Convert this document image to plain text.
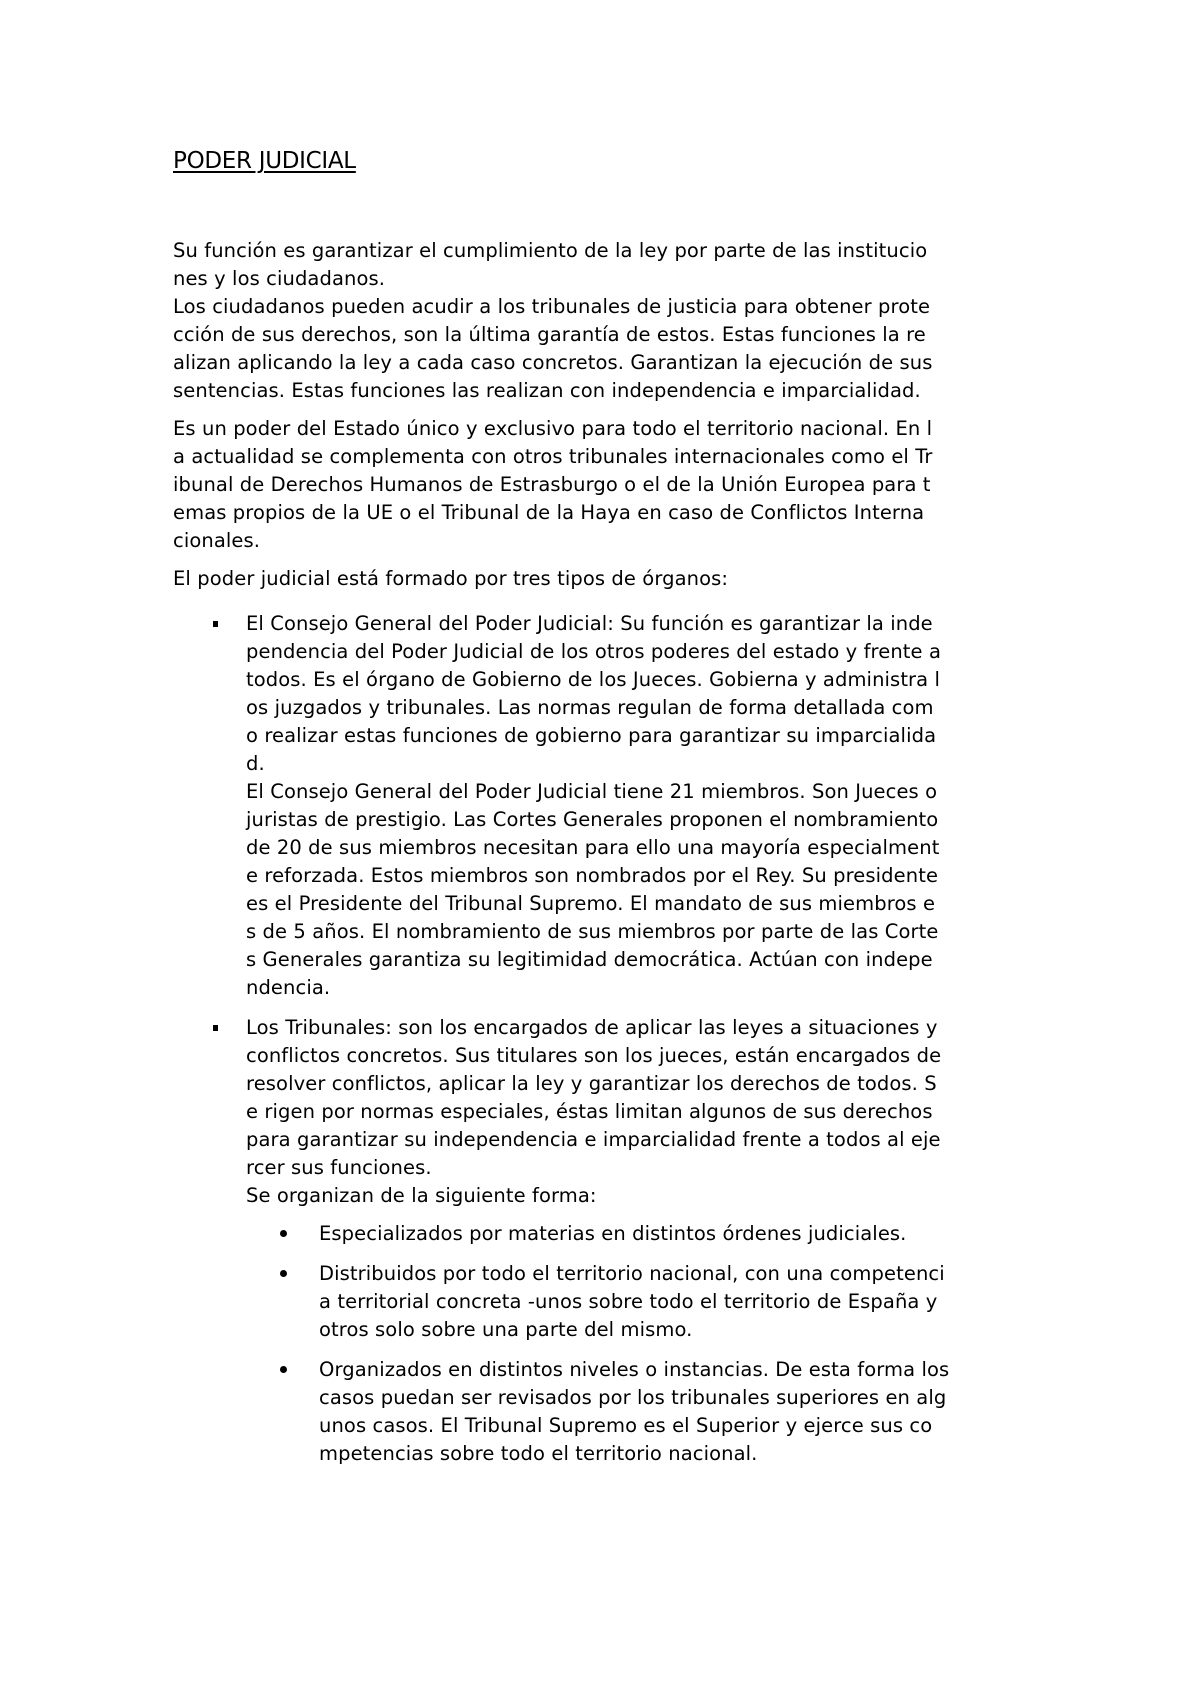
PODER JUDICIAL

Su función es garantizar el cumplimiento de la ley por parte de las institucio
nes y los ciudadanos.
Los ciudadanos pueden acudir a los tribunales de justicia para obtener prote
cción de sus derechos, son la última garantía de estos. Estas funciones la re
alizan aplicando la ley a cada caso concretos. Garantizan la ejecución de sus
sentencias. Estas funciones las realizan con independencia e imparcialidad.

Es un poder del Estado único y exclusivo para todo el territorio nacional. En l
a actualidad se complementa con otros tribunales internacionales como el Tr
ibunal de Derechos Humanos de Estrasburgo o el de la Unión Europea para t
emas propios de la UE o el Tribunal de la Haya en caso de Conflictos Interna
cionales.

El poder judicial está formado por tres tipos de órganos:

El Consejo General del Poder Judicial: Su función es garantizar la inde
pendencia del Poder Judicial de los otros poderes del estado y frente a
todos. Es el órgano de Gobierno de los Jueces. Gobierna y administra l
os juzgados y tribunales. Las normas regulan de forma detallada com
o realizar estas funciones de gobierno para garantizar su imparcialida
d.
El Consejo General del Poder Judicial tiene 21 miembros. Son Jueces o
juristas de prestigio. Las Cortes Generales proponen el nombramiento
de 20 de sus miembros necesitan para ello una mayoría especialment
e reforzada. Estos miembros son nombrados por el Rey. Su presidente
es el Presidente del Tribunal Supremo. El mandato de sus miembros e
s de 5 años. El nombramiento de sus miembros por parte de las Corte
s Generales garantiza su legitimidad democrática. Actúan con indepe
ndencia.
Los Tribunales: son los encargados de aplicar las leyes a situaciones y
conflictos concretos. Sus titulares son los jueces, están encargados de
resolver conflictos, aplicar la ley y garantizar los derechos de todos. S
e rigen por normas especiales, éstas limitan algunos de sus derechos
para garantizar su independencia e imparcialidad frente a todos al eje
rcer sus funciones.
Se organizan de la siguiente forma:
Especializados por materias en distintos órdenes judiciales.
Distribuidos por todo el territorio nacional, con una competenci
a territorial concreta -unos sobre todo el territorio de España y
otros solo sobre una parte del mismo.
Organizados en distintos niveles o instancias. De esta forma los
casos puedan ser revisados por los tribunales superiores en alg
unos casos. El Tribunal Supremo es el Superior y ejerce sus co
mpetencias sobre todo el territorio nacional.
